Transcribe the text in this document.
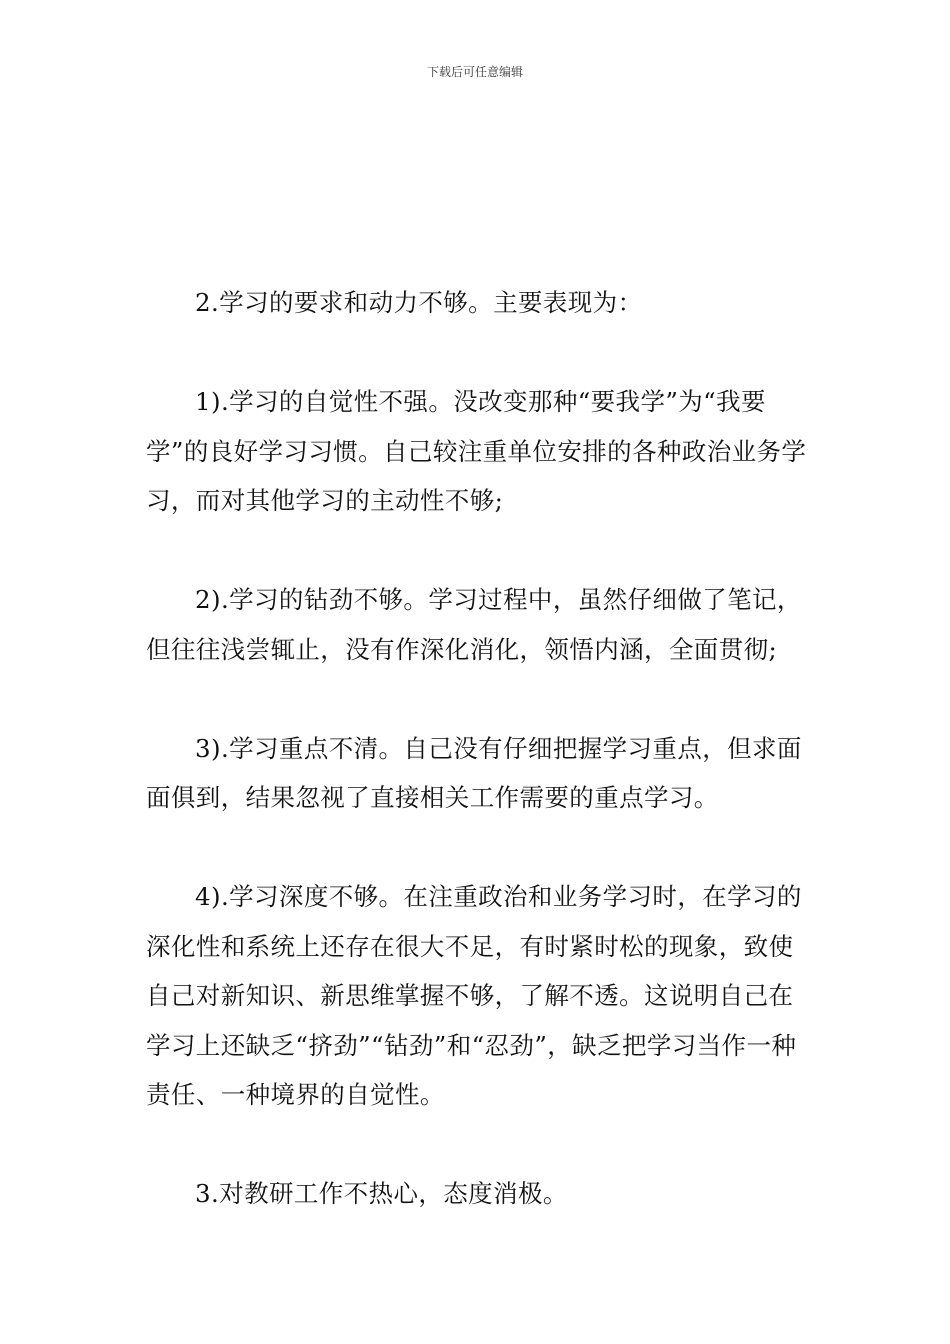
下载后可任意编辑

2.学习的要求和动力不够。主要表现为：

1).学习的自觉性不强。没改变那种“要我学”为“我要学”的良好学习习惯。自己较注重单位安排的各种政治业务学习，而对其他学习的主动性不够;

2).学习的钻劲不够。学习过程中，虽然仔细做了笔记，但往往浅尝辄止，没有作深化消化，领悟内涵，全面贯彻;

3).学习重点不清。自己没有仔细把握学习重点，但求面面俱到，结果忽视了直接相关工作需要的重点学习。

4).学习深度不够。在注重政治和业务学习时，在学习的深化性和系统上还存在很大不足，有时紧时松的现象，致使自己对新知识、新思维掌握不够，了解不透。这说明自己在学习上还缺乏“挤劲”“钻劲”和“忍劲”，缺乏把学习当作一种责任、一种境界的自觉性。

3.对教研工作不热心，态度消极。
